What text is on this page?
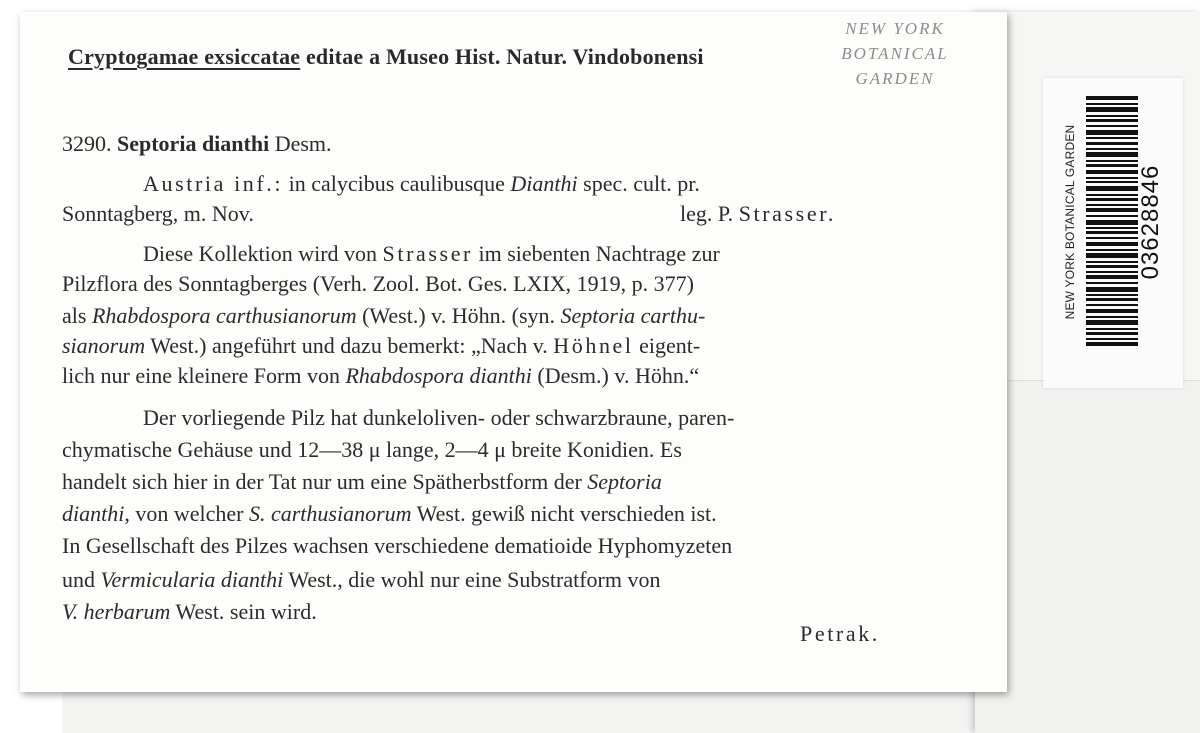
NEW YORK BOTANICAL GARDEN	03628846
Cryptogamae exsiccatae editae a Museo Hist. Natur. Vindobonensi
NEW YORK
BOTANICAL
GARDEN
3290. Septoria dianthi Desm.
Austria inf.: in calycibus caulibusque Dianthi spec. cult. pr.
Sonntagberg, m. Nov.	leg. P. Strasser.
Diese Kollektion wird von Strasser im siebenten Nachtrage zur
Pilzflora des Sonntagberges (Verh. Zool. Bot. Ges. LXIX, 1919, p. 377)
als Rhabdospora carthusianorum (West.) v. Höhn. (syn. Septoria carthu-
sianorum West.) angeführt und dazu bemerkt: „Nach v. Höhnel eigent-
lich nur eine kleinere Form von Rhabdospora dianthi (Desm.) v. Höhn.“
Der vorliegende Pilz hat dunkeloliven- oder schwarzbraune, paren-
chymatische Gehäuse und 12—38 μ lange, 2—4 μ breite Konidien. Es
handelt sich hier in der Tat nur um eine Spätherbstform der Septoria
dianthi, von welcher S. carthusianorum West. gewiß nicht verschieden ist.
In Gesellschaft des Pilzes wachsen verschiedene dematioide Hyphomyzeten
und Vermicularia dianthi West., die wohl nur eine Substratform von
V. herbarum West. sein wird.
Petrak.
